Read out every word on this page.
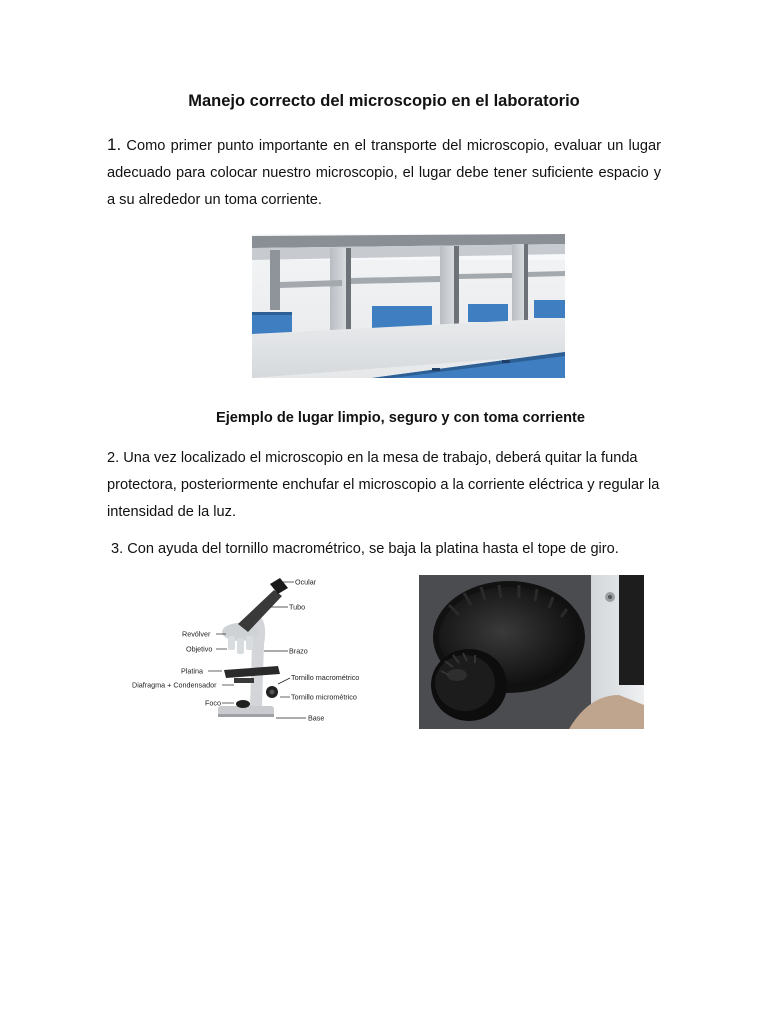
Manejo correcto del microscopio en el laboratorio

1. Como primer punto importante en el transporte del microscopio, evaluar un lugar adecuado para colocar nuestro microscopio, el lugar debe tener suficiente espacio y a su alrededor un toma corriente.

Ejemplo de lugar limpio, seguro y con toma corriente

2. Una vez localizado el microscopio en la mesa de trabajo, deberá quitar la funda protectora, posteriormente enchufar el microscopio a la corriente eléctrica y regular la intensidad de la luz.

3. Con ayuda del tornillo macrométrico, se baja la platina hasta el tope de giro.

Ocular
Tubo
Revólver
Objetivo	Brazo
Platina
Tornillo macrométrico
Diafragma + Condensador
Tornillo micrométrico
Foco
Base
